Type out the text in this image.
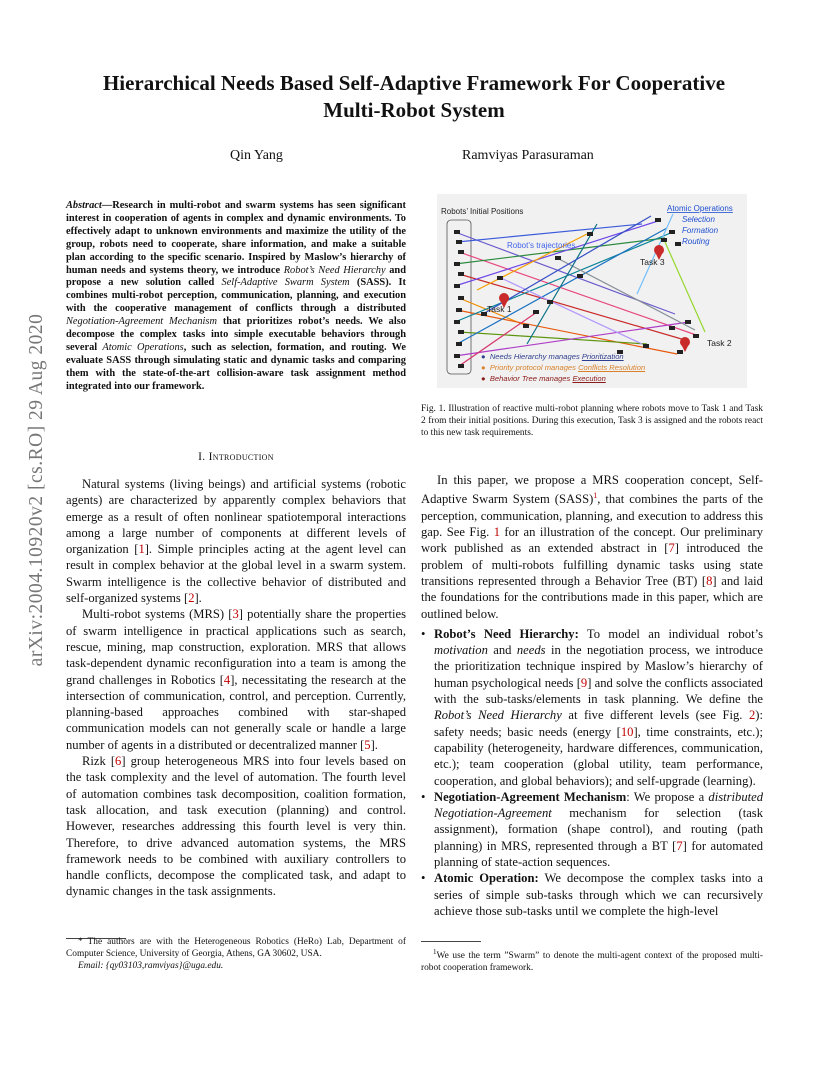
Hierarchical Needs Based Self-Adaptive Framework For Cooperative
Multi-Robot System
Qin Yang	Ramviyas Parasuraman
arXiv:2004.10920v2 [cs.RO] 29 Aug 2020
Abstract—Research in multi-robot and swarm systems has seen significant interest in cooperation of agents in complex and dynamic environments. To effectively adapt to unknown environments and maximize the utility of the group, robots need to cooperate, share information, and make a suitable plan according to the specific scenario. Inspired by Maslow’s hierarchy of human needs and systems theory, we introduce Robot’s Need Hierarchy and propose a new solution called Self-Adaptive Swarm System (SASS). It combines multi-robot perception, communication, planning, and execution with the cooperative management of conflicts through a distributed Negotiation-Agreement Mechanism that prioritizes robot’s needs. We also decompose the complex tasks into simple executable behaviors through several Atomic Operations, such as selection, formation, and routing. We evaluate SASS through simulating static and dynamic tasks and comparing them with the state-of-the-art collision-aware task assignment method integrated into our framework.
I. Introduction

Natural systems (living beings) and artificial systems (robotic agents) are characterized by apparently complex behaviors that emerge as a result of often nonlinear spatiotemporal interactions among a large number of components at different levels of organization [1]. Simple principles acting at the agent level can result in complex behavior at the global level in a swarm system. Swarm intelligence is the collective behavior of distributed and self-organized systems [2].

Multi-robot systems (MRS) [3] potentially share the properties of swarm intelligence in practical applications such as search, rescue, mining, map construction, exploration. MRS that allows task-dependent dynamic reconfiguration into a team is among the grand challenges in Robotics [4], necessitating the research at the intersection of communication, control, and perception. Currently, planning-based approaches combined with star-shaped communication models can not generally scale or handle a large number of agents in a distributed or decentralized manner [5].

Rizk [6] group heterogeneous MRS into four levels based on the task complexity and the level of automation. The fourth level of automation combines task decomposition, coalition formation, task allocation, and task execution (planning) and control. However, researches addressing this fourth level is very thin. Therefore, to drive advanced automation systems, the MRS framework needs to be combined with auxiliary controllers to handle conflicts, decompose the complicated task, and adapt to dynamic changes in the task assignments.

* The authors are with the Heterogeneous Robotics (HeRo) Lab, Department of Computer Science, University of Georgia, Athens, GA 30602, USA.
Email: {qy03103,ramviyas}@uga.edu.
Robots’ Initial Positions	Atomic Operations
Selection
Formation
Routing
Robot’s trajectories
Task 1
Task 2
Task 3
● Needs Hierarchy manages Prioritization
● Priority protocol manages Conflicts Resolution
● Behavior Tree manages Execution
Fig. 1. Illustration of reactive multi-robot planning where robots move to Task 1 and Task 2 from their initial positions. During this execution, Task 3 is assigned and the robots react to this new task requirements.

In this paper, we propose a MRS cooperation concept, Self-Adaptive Swarm System (SASS)$^1$, that combines the parts of the perception, communication, planning, and execution to address this gap. See Fig. 1 for an illustration of the concept. Our preliminary work published as an extended abstract in [7] introduced the problem of multi-robots fulfilling dynamic tasks using state transitions represented through a Behavior Tree (BT) [8] and laid the foundations for the contributions made in this paper, which are outlined below.

• Robot’s Need Hierarchy: To model an individual robot’s motivation and needs in the negotiation process, we introduce the prioritization technique inspired by Maslow’s hierarchy of human psychological needs [9] and solve the conflicts associated with the sub-tasks/elements in task planning. We define the Robot’s Need Hierarchy at five different levels (see Fig. 2): safety needs; basic needs (energy [10], time constraints, etc.); capability (heterogeneity, hardware differences, communication, etc.); team cooperation (global utility, team performance, cooperation, and global behaviors); and self-upgrade (learning).
• Negotiation-Agreement Mechanism: We propose a distributed Negotiation-Agreement mechanism for selection (task assignment), formation (shape control), and routing (path planning) in MRS, represented through a BT [7] for automated planning of state-action sequences.
• Atomic Operation: We decompose the complex tasks into a series of simple sub-tasks through which we can recursively achieve those sub-tasks until we complete the high-level
$^1$We use the term ”Swarm” to denote the multi-agent context of the proposed multi-robot cooperation framework.
